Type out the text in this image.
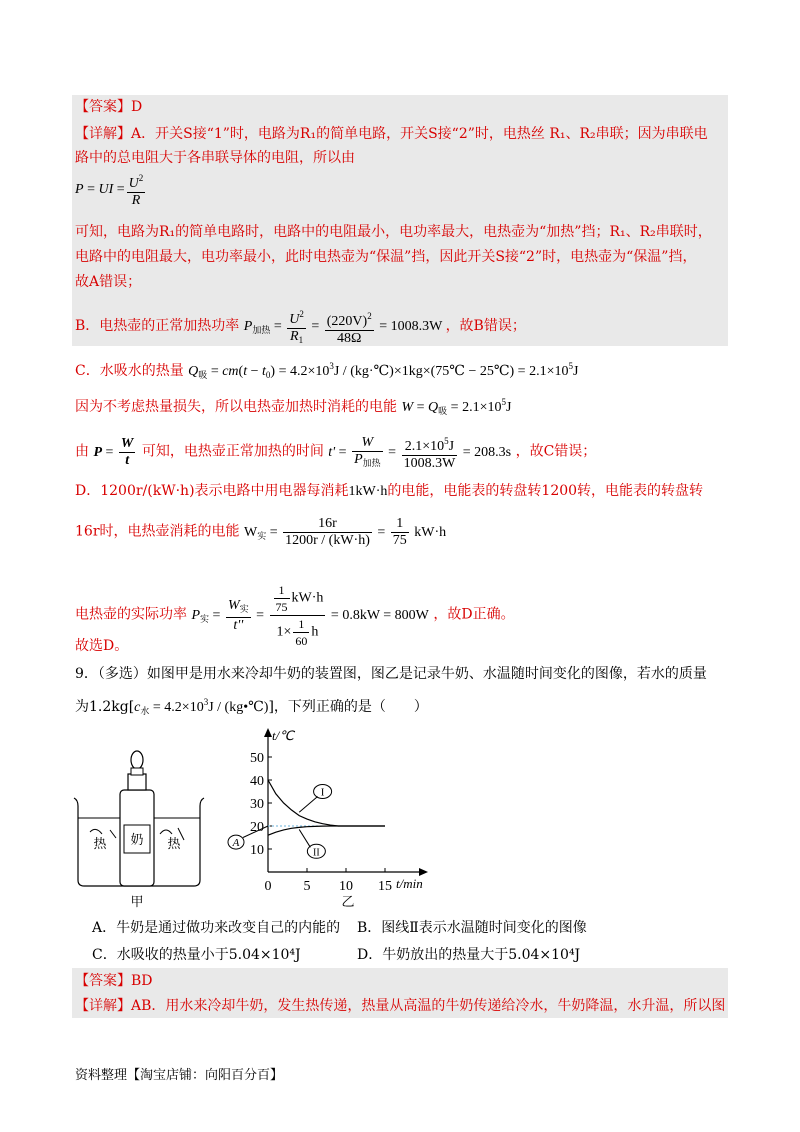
【答案】D
【详解】A．开关S接“1”时，电路为R₁的简单电路，开关S接“2”时，电热丝 R₁、R₂串联；因为串联电
路中的总电阻大于各串联导体的电阻，所以由
P = UI = $\frac{U^2}{R}$
可知，电路为R₁的简单电路时，电路中的电阻最小，电功率最大，电热壶为“加热”挡；R₁、R₂串联时，
电路中的电阻最大，电功率最小，此时电热壶为“保温”挡，因此开关S接“2”时，电热壶为“保温”挡，
故A错误；
B．电热壶的正常加热功率 $P_{加热} = \frac{U^2}{R_1} = \frac{(220V)^2}{48\Omega} = 1008.3W$ ，故B错误；
C．水吸水的热量 $Q_吸 = cm(t - t_0) = 4.2\times 10^3J$ / (kg·℃)×1kg×(75℃ − 25℃) = $2.1\times 10^5J$
因为不考虑热量损失，所以电热壶加热时消耗的电能 $W = Q_吸 = 2.1\times 10^5J$
由 $P = \frac{W}{t}$ 可知，电热壶正常加热的时间 $t' = \frac{W}{P_{加热}} = \frac{2.1\times 10^5J}{1008.3W} = 208.3s$ ，故C错误；
D．1200r/(kW·h)表示电路中用电器每消耗1kW·h的电能，电能表的转盘转1200转，电能表的转盘转
16r时，电热壶消耗的电能 $W_实 = \frac{16r}{1200r / (kW\cdot h)} = \frac{1}{75} kW\cdot h$
电热壶的实际功率 $P_实 = \frac{W_实}{t''} = \frac{\frac{1}{75} kW\cdot h}{1\times \frac{1}{60} h} = 0.8kW = 800W$ ，故D正确。
故选D。
9．（多选）如图甲是用水来冷却牛奶的装置图，图乙是记录牛奶、水温随时间变化的图像，若水的质量
为$1.2kg[c_水 = 4.2\times 10^3J$ / (kg•℃)]，下列正确的是（　　）
奶
热	热
甲
t/℃
t/min
乙
10
20
30
40
50
0 5 10 15
I
II
A
A．牛奶是通过做功来改变自己的内能的 B．图线Ⅱ表示水温随时间变化的图像
C．水吸收的热量小于5.04×10⁴J	D．牛奶放出的热量大于5.04×10⁴J
【答案】BD
【详解】AB．用水来冷却牛奶，发生热传递，热量从高温的牛奶传递给冷水，牛奶降温，水升温，所以图
资料整理【淘宝店铺：向阳百分百】
